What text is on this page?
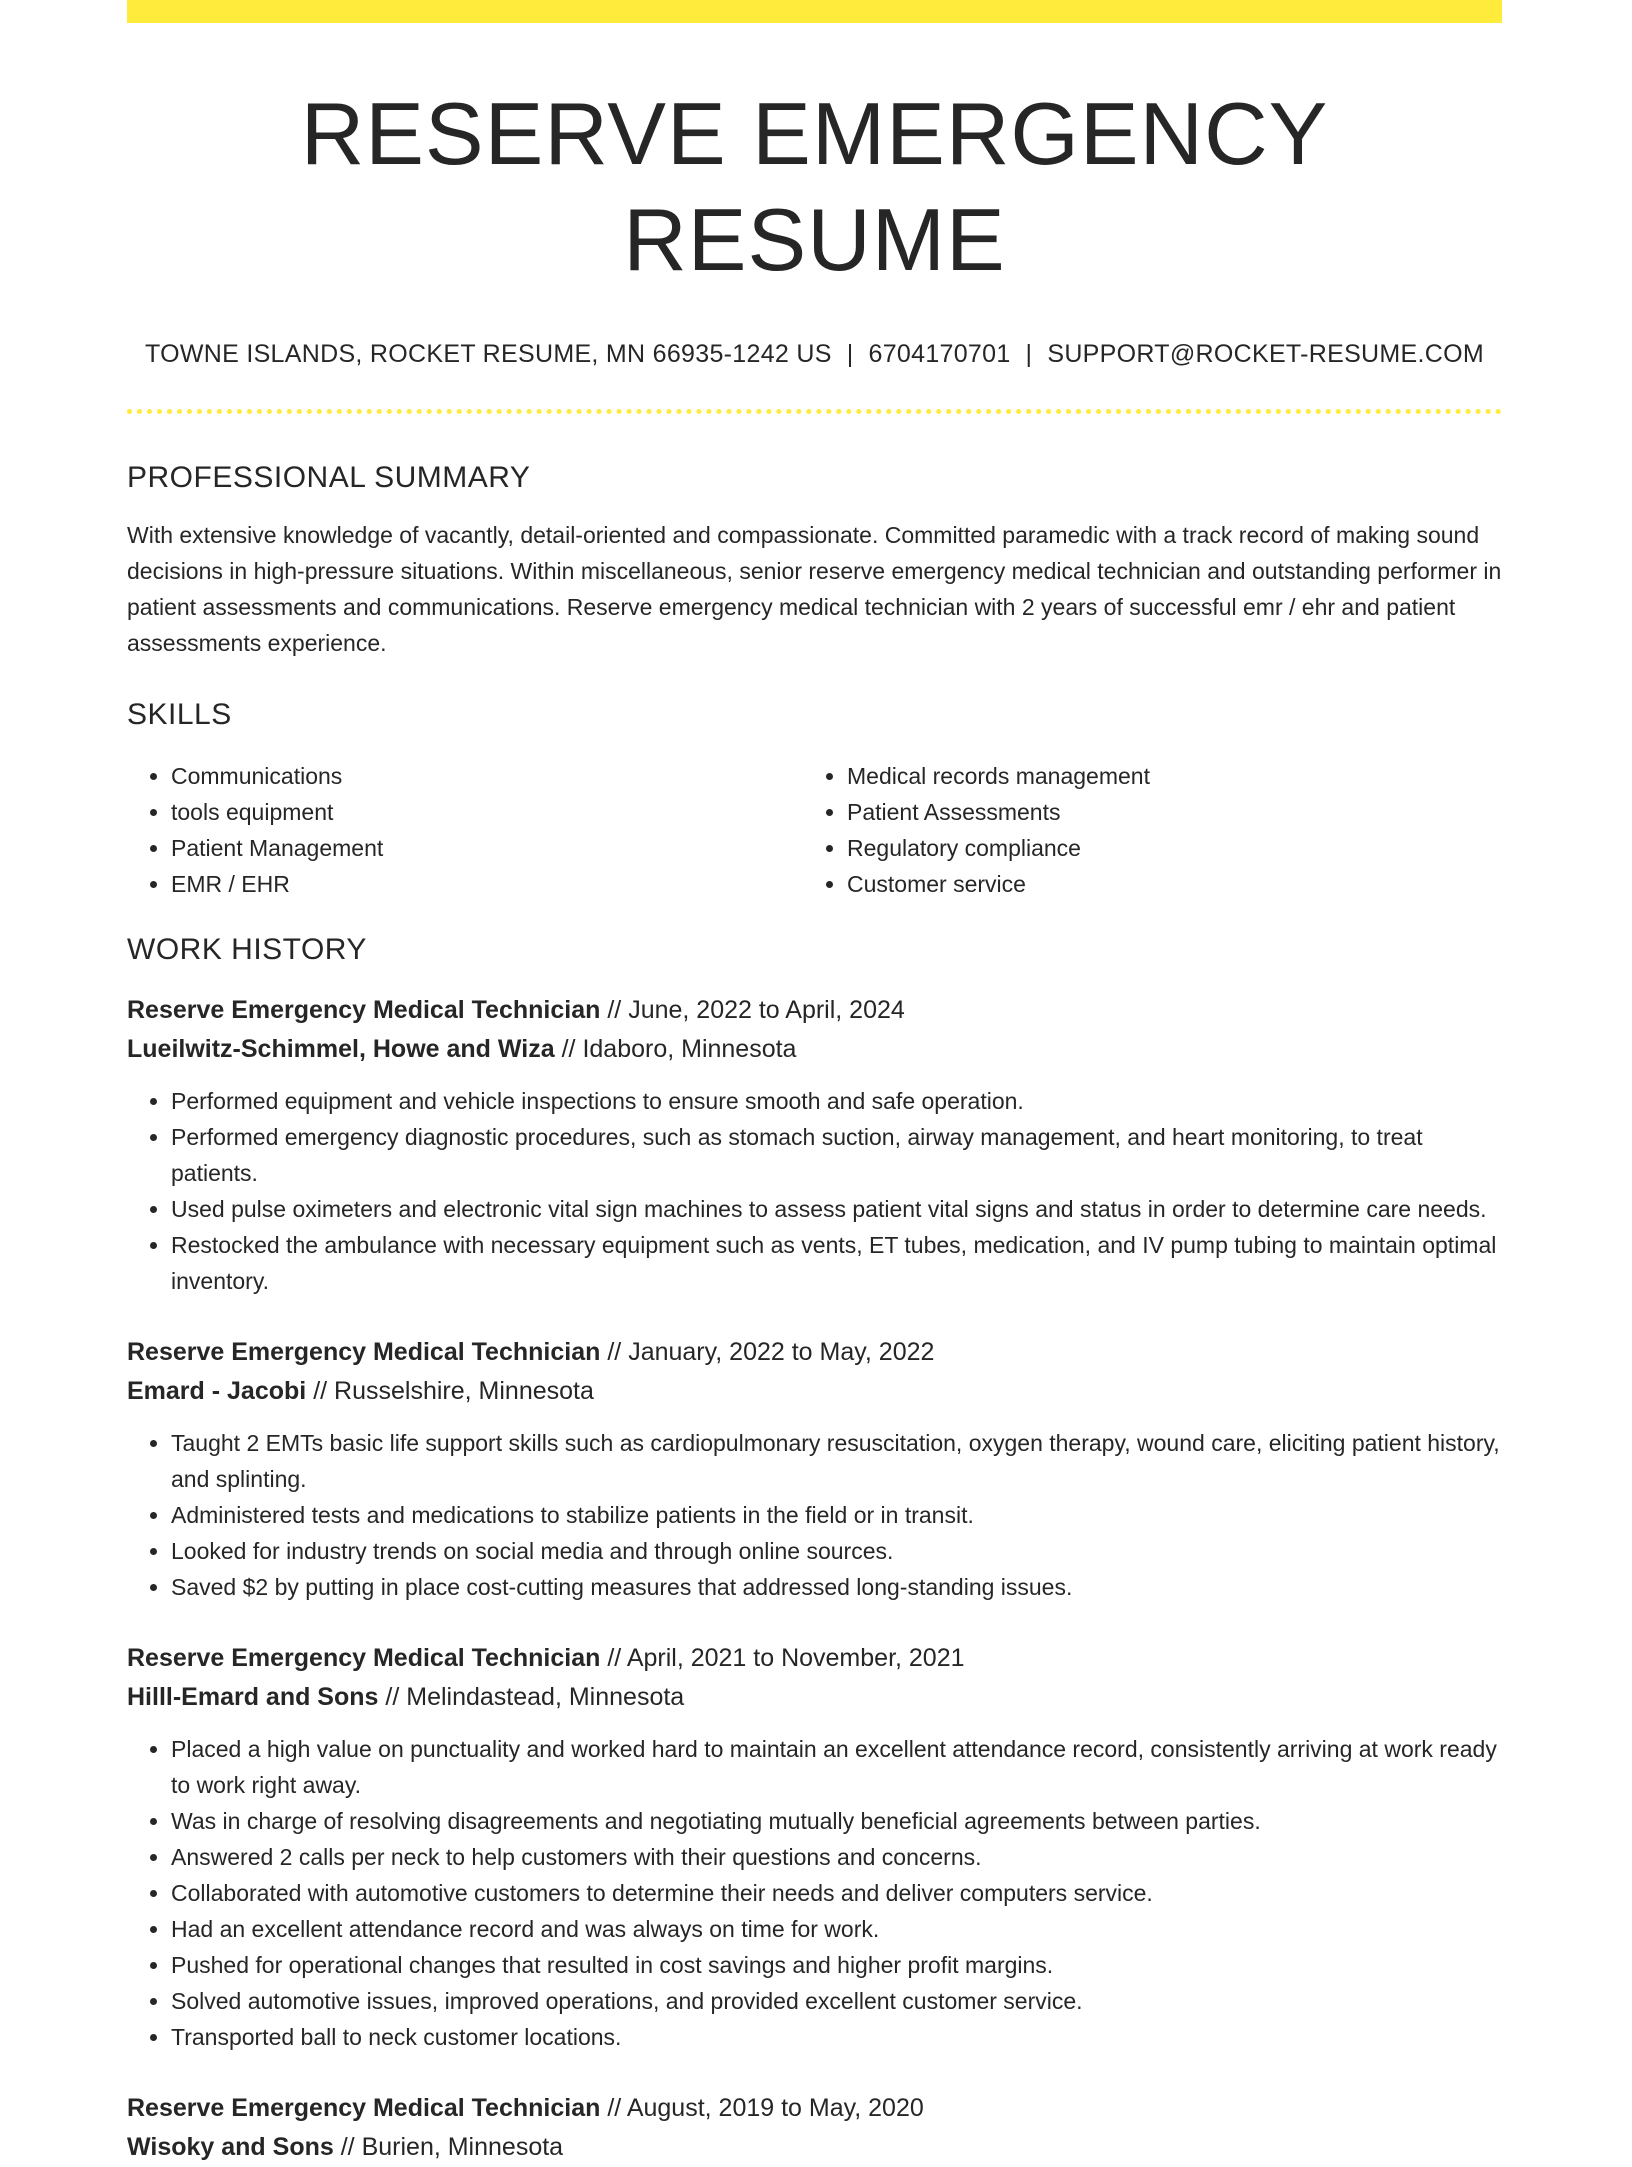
RESERVE EMERGENCY RESUME
TOWNE ISLANDS, ROCKET RESUME, MN 66935-1242 US | 6704170701 | SUPPORT@ROCKET-RESUME.COM
PROFESSIONAL SUMMARY

With extensive knowledge of vacantly, detail-oriented and compassionate. Committed paramedic with a track record of making sound decisions in high-pressure situations. Within miscellaneous, senior reserve emergency medical technician and outstanding performer in patient assessments and communications. Reserve emergency medical technician with 2 years of successful emr / ehr and patient assessments experience.

SKILLS
• Communications
• tools equipment
• Patient Management
• EMR / EHR
• Medical records management
• Patient Assessments
• Regulatory compliance
• Customer service
WORK HISTORY
Reserve Emergency Medical Technician // June, 2022 to April, 2024
Lueilwitz-Schimmel, Howe and Wiza // Idaboro, Minnesota
• Performed equipment and vehicle inspections to ensure smooth and safe operation.
• Performed emergency diagnostic procedures, such as stomach suction, airway management, and heart monitoring, to treat patients.
• Used pulse oximeters and electronic vital sign machines to assess patient vital signs and status in order to determine care needs.
• Restocked the ambulance with necessary equipment such as vents, ET tubes, medication, and IV pump tubing to maintain optimal inventory.
Reserve Emergency Medical Technician // January, 2022 to May, 2022
Emard - Jacobi // Russelshire, Minnesota
• Taught 2 EMTs basic life support skills such as cardiopulmonary resuscitation, oxygen therapy, wound care, eliciting patient history, and splinting.
• Administered tests and medications to stabilize patients in the field or in transit.
• Looked for industry trends on social media and through online sources.
• Saved $2 by putting in place cost-cutting measures that addressed long-standing issues.
Reserve Emergency Medical Technician // April, 2021 to November, 2021
Hilll-Emard and Sons // Melindastead, Minnesota
• Placed a high value on punctuality and worked hard to maintain an excellent attendance record, consistently arriving at work ready to work right away.
• Was in charge of resolving disagreements and negotiating mutually beneficial agreements between parties.
• Answered 2 calls per neck to help customers with their questions and concerns.
• Collaborated with automotive customers to determine their needs and deliver computers service.
• Had an excellent attendance record and was always on time for work.
• Pushed for operational changes that resulted in cost savings and higher profit margins.
• Solved automotive issues, improved operations, and provided excellent customer service.
• Transported ball to neck customer locations.
Reserve Emergency Medical Technician // August, 2019 to May, 2020
Wisoky and Sons // Burien, Minnesota
